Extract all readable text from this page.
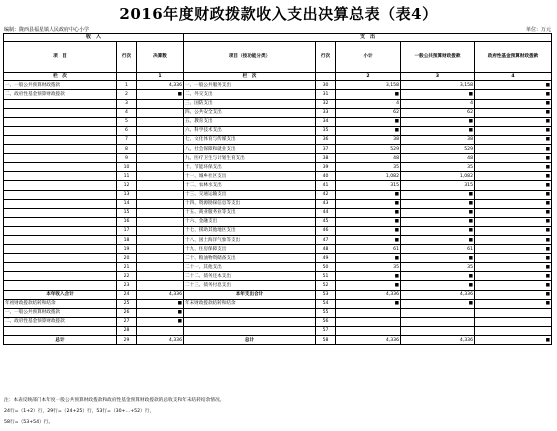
2016年度财政拨款收入支出决算总表（表4）
编制：陇西县福星镇人民政府中心小学	单位：万元
收　入			支　出				
项　目	行次	决算数	项目（按功能分类）	行次	小计	一般公共预算财政拨款	政府性基金预算财政拨款
栏　次		1	栏　次		2	3	4
一、一般公共预算财政拨款	1	4,336	一、一般公共服务支出	30	3,158	3,158	■
二、政府性基金预算财政拨款	2	■	二、外交支出	31	■	■	■
	3		三、国防支出	32	4	4	■
	4		四、公共安全支出	33	62	62	■
	5		五、教育支出	34	■	■	■
	6		六、科学技术支出	35	■	■	■
	7		七、文化体育与传媒支出	36	38	38	■
	8		八、社会保障和就业支出	37	529	529	■
	9		九、医疗卫生与计划生育支出	38	48	48	■
	10		十、节能环保支出	39	35	35	■
	11		十一、城乡社区支出	40	1,082	1,082	■
	12		十二、农林水支出	41	315	315	■
	13		十三、交通运输支出	42	■	■	■
	14		十四、资源勘探信息等支出	43	■	■	■
	15		十五、商业服务业等支出	44	■	■	■
	16		十六、金融支出	45	■	■	■
	17		十七、援助其他地区支出	46	■	■	■
	18		十八、国土海洋气象等支出	47	■	■	■
	19		十九、住房保障支出	48	61	61	■
	20		二十、粮油物资储备支出	49	■	■	■
	21		二十一、其他支出	50	35	35	■
	22		二十二、债务还本支出	51	■	■	■
	23		二十三、债务付息支出	52	■	■	■
本年收入合计	24	4,336	本年支出合计	53	4,336	4,336	■
年初财政拨款结转和结余	25	■	年末财政拨款结转和结余	54	■	■	■
一、一般公共预算财政拨款	26	■		55			
二、政府性基金预算财政拨款	27	■		56			
	28			57			
总计	29	4,336	总计	58	4,336	4,336	■
注：本表反映部门本年度一般公共预算财政拨款和政府性基金预算财政拨款的总收支和年末结转结余情况。
24行=（1+2）行，29行=（24+25）行，53行=（30+…+52）行，
58行=（53+54）行。
